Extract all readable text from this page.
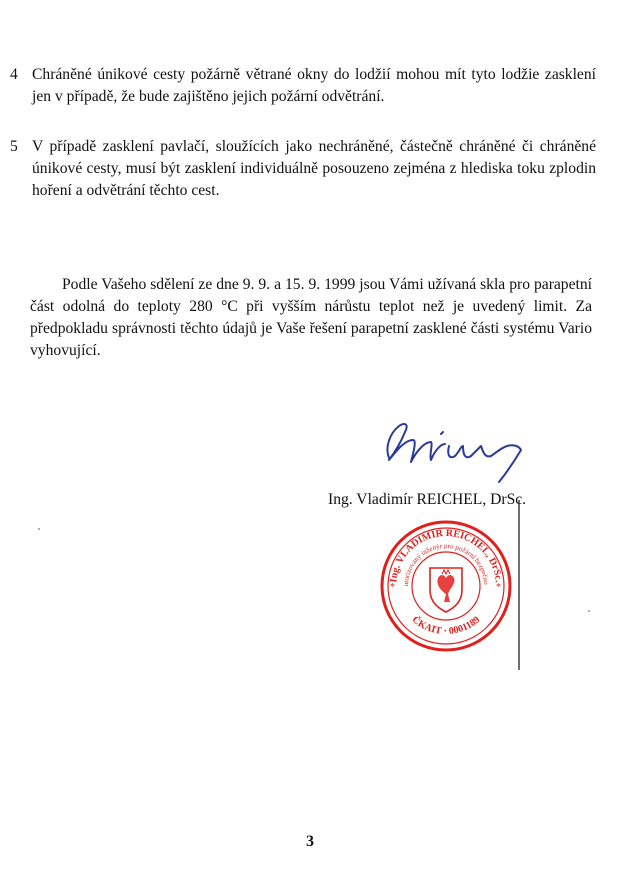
4 Chráněné únikové cesty požárně větrané okny do lodžií mohou mít tyto lodžie zasklení jen v případě, že bude zajištěno jejich požární odvětrání.
5 V případě zasklení pavlačí, sloužících jako nechráněné, částečně chráněné či chráněné únikové cesty, musí být zasklení individuálně posouzeno zejména z hlediska toku zplodin hoření a odvětrání těchto cest.

Podle Vašeho sdělení ze dne 9. 9. a 15. 9. 1999 jsou Vámi užívaná skla pro parapetní část odolná do teploty 280 °C při vyšším nárůstu teplot než je uvedený limit. Za předpokladu správnosti těchto údajů je Vaše řešení parapetní zasklené části systému Vario vyhovující.

Ing. Vladimír REICHEL, DrSc.
Ing. VLADIMÍR REICHEL, DrSc.
utorizovaný inženýr pro požární bezpečno
ČKAIT · 0001189
*	*
3
